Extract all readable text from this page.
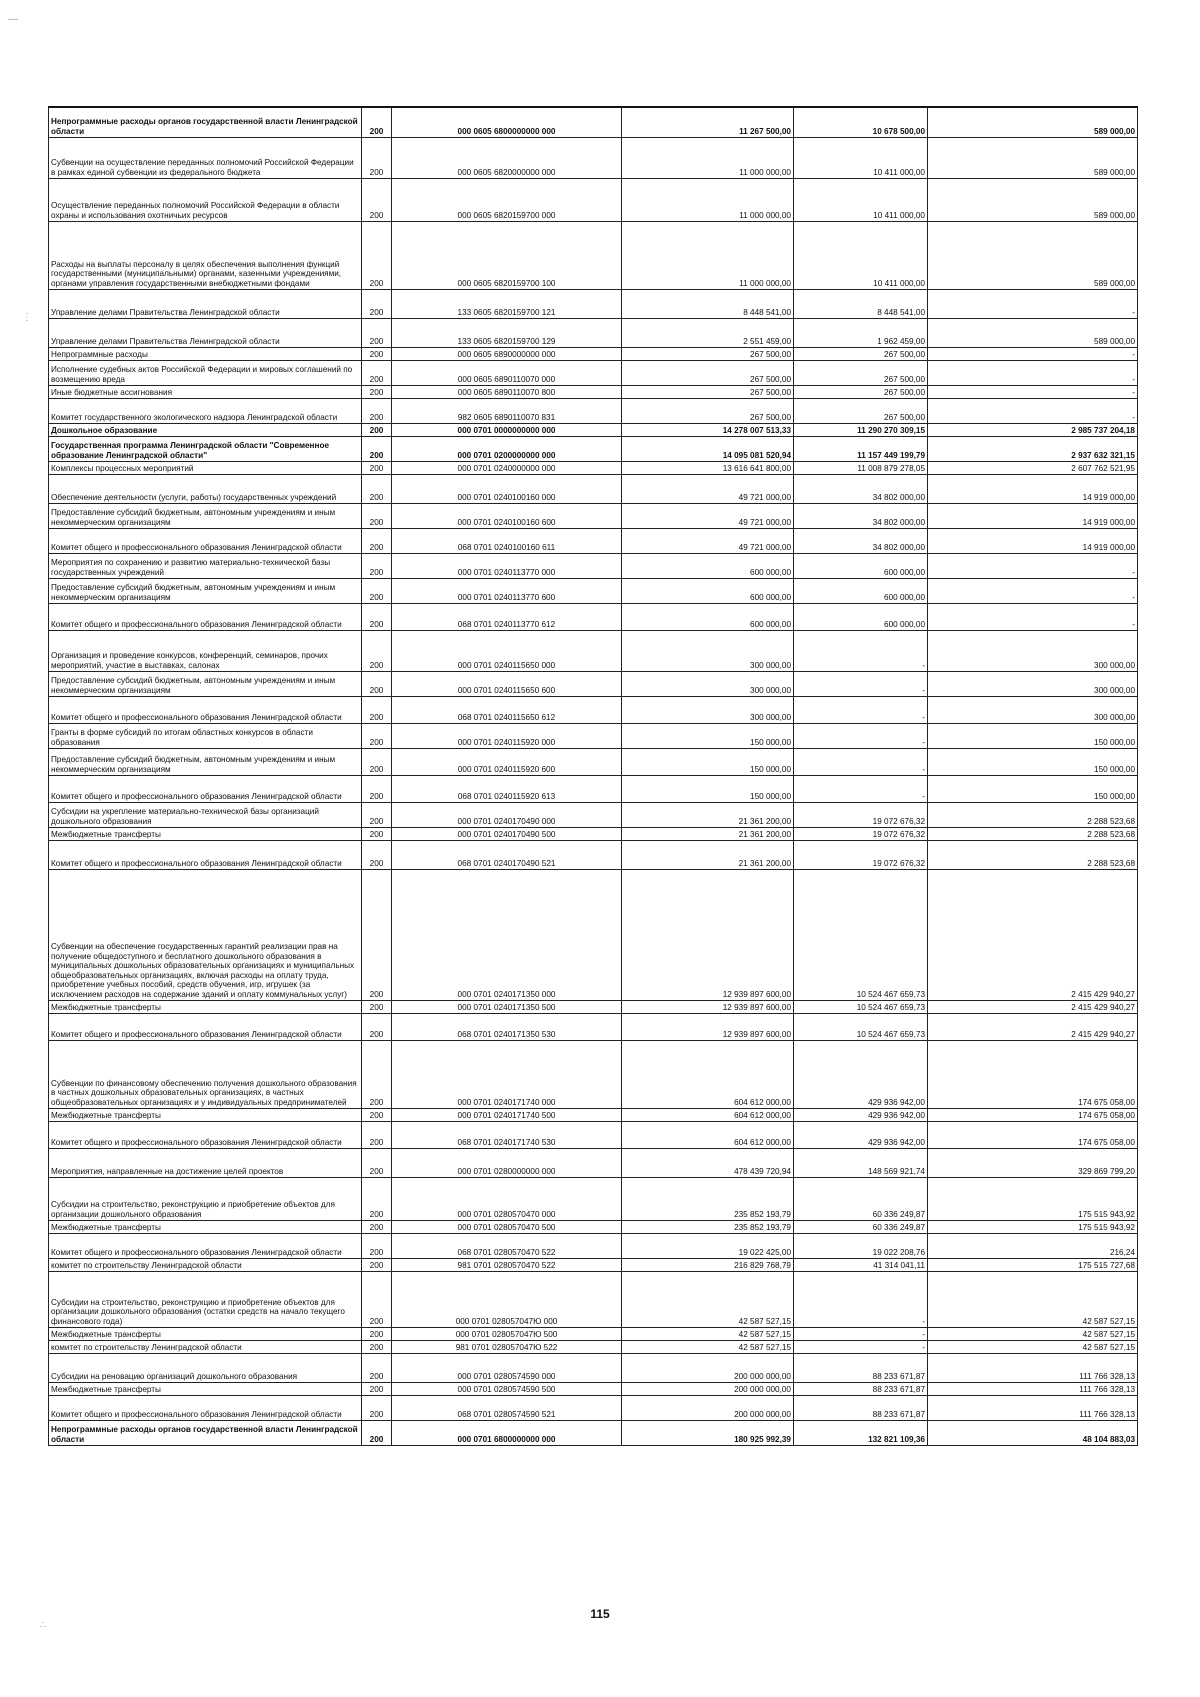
Непрограммные расходы органов государственной власти Ленинградской области	200	000 0605 6800000000 000	11 267 500,00	10 678 500,00	589 000,00
Субвенции на осуществление переданных полномочий Российской Федерации в рамках единой субвенции из федерального бюджета	200	000 0605 6820000000 000	11 000 000,00	10 411 000,00	589 000,00
Осуществление переданных полномочий Российской Федерации в области охраны и использования охотничьих ресурсов	200	000 0605 6820159700 000	11 000 000,00	10 411 000,00	589 000,00
Расходы на выплаты персоналу в целях обеспечения выполнения функций государственными (муниципальными) органами, казенными учреждениями, органами управления государственными внебюджетными фондами	200	000 0605 6820159700 100	11 000 000,00	10 411 000,00	589 000,00
Управление делами Правительства Ленинградской области	200	133 0605 6820159700 121	8 448 541,00	8 448 541,00	-
Управление делами Правительства Ленинградской области	200	133 0605 6820159700 129	2 551 459,00	1 962 459,00	589 000,00
Непрограммные расходы	200	000 0605 6890000000 000	267 500,00	267 500,00	-
Исполнение судебных актов Российской Федерации и мировых соглашений по возмещению вреда	200	000 0605 6890110070 000	267 500,00	267 500,00	-
Иные бюджетные ассигнования	200	000 0605 6890110070 800	267 500,00	267 500,00	-
Комитет государственного экологического надзора Ленинградской области	200	982 0605 6890110070 831	267 500,00	267 500,00	-
Дошкольное образование	200	000 0701 0000000000 000	14 278 007 513,33	11 290 270 309,15	2 985 737 204,18
Государственная программа Ленинградской области "Современное образование Ленинградской области"	200	000 0701 0200000000 000	14 095 081 520,94	11 157 449 199,79	2 937 632 321,15
Комплексы процессных мероприятий	200	000 0701 0240000000 000	13 616 641 800,00	11 008 879 278,05	2 607 762 521,95
Обеспечение деятельности (услуги, работы) государственных учреждений	200	000 0701 0240100160 000	49 721 000,00	34 802 000,00	14 919 000,00
Предоставление субсидий бюджетным, автономным учреждениям и иным некоммерческим организациям	200	000 0701 0240100160 600	49 721 000,00	34 802 000,00	14 919 000,00
Комитет общего и профессионального образования Ленинградской области	200	068 0701 0240100160 611	49 721 000,00	34 802 000,00	14 919 000,00
Мероприятия по сохранению и развитию материально-технической базы государственных учреждений	200	000 0701 0240113770 000	600 000,00	600 000,00	-
Предоставление субсидий бюджетным, автономным учреждениям и иным некоммерческим организациям	200	000 0701 0240113770 600	600 000,00	600 000,00	-
Комитет общего и профессионального образования Ленинградской области	200	068 0701 0240113770 612	600 000,00	600 000,00	-
Организация и проведение конкурсов, конференций, семинаров, прочих мероприятий, участие в выставках, салонах	200	000 0701 0240115650 000	300 000,00	-	300 000,00
Предоставление субсидий бюджетным, автономным учреждениям и иным некоммерческим организациям	200	000 0701 0240115650 600	300 000,00	-	300 000,00
Комитет общего и профессионального образования Ленинградской области	200	068 0701 0240115650 612	300 000,00	-	300 000,00
Гранты в форме субсидий по итогам областных конкурсов в области образования	200	000 0701 0240115920 000	150 000,00	-	150 000,00
Предоставление субсидий бюджетным, автономным учреждениям и иным некоммерческим организациям	200	000 0701 0240115920 600	150 000,00	-	150 000,00
Комитет общего и профессионального образования Ленинградской области	200	068 0701 0240115920 613	150 000,00	-	150 000,00
Субсидии на укрепление материально-технической базы организаций дошкольного образования	200	000 0701 0240170490 000	21 361 200,00	19 072 676,32	2 288 523,68
Межбюджетные трансферты	200	000 0701 0240170490 500	21 361 200,00	19 072 676,32	2 288 523,68
Комитет общего и профессионального образования Ленинградской области	200	068 0701 0240170490 521	21 361 200,00	19 072 676,32	2 288 523,68
Субвенции на обеспечение государственных гарантий реализации прав на получение общедоступного и бесплатного дошкольного образования в муниципальных дошкольных образовательных организациях и муниципальных общеобразовательных организациях, включая расходы на оплату труда, приобретение учебных пособий, средств обучения, игр, игрушек (за исключением расходов на содержание зданий и оплату коммунальных услуг)	200	000 0701 0240171350 000	12 939 897 600,00	10 524 467 659,73	2 415 429 940,27
Межбюджетные трансферты	200	000 0701 0240171350 500	12 939 897 600,00	10 524 467 659,73	2 415 429 940,27
Комитет общего и профессионального образования Ленинградской области	200	068 0701 0240171350 530	12 939 897 600,00	10 524 467 659,73	2 415 429 940,27
Субвенции по финансовому обеспечению получения дошкольного образования в частных дошкольных образовательных организациях, в частных общеобразовательных организациях и у индивидуальных предпринимателей	200	000 0701 0240171740 000	604 612 000,00	429 936 942,00	174 675 058,00
Межбюджетные трансферты	200	000 0701 0240171740 500	604 612 000,00	429 936 942,00	174 675 058,00
Комитет общего и профессионального образования Ленинградской области	200	068 0701 0240171740 530	604 612 000,00	429 936 942,00	174 675 058,00
Мероприятия, направленные на достижение целей проектов	200	000 0701 0280000000 000	478 439 720,94	148 569 921,74	329 869 799,20
Субсидии на строительство, реконструкцию и приобретение объектов для организации дошкольного образования	200	000 0701 0280570470 000	235 852 193,79	60 336 249,87	175 515 943,92
Межбюджетные трансферты	200	000 0701 0280570470 500	235 852 193,79	60 336 249,87	175 515 943,92
Комитет общего и профессионального образования Ленинградской области	200	068 0701 0280570470 522	19 022 425,00	19 022 208,76	216,24
комитет по строительству Ленинградской области	200	981 0701 0280570470 522	216 829 768,79	41 314 041,11	175 515 727,68
Субсидии на строительство, реконструкцию и приобретение объектов для организации дошкольного образования (остатки средств на начало текущего финансового года)	200	000 0701 028057047Ю 000	42 587 527,15	-	42 587 527,15
Межбюджетные трансферты	200	000 0701 028057047Ю 500	42 587 527,15	-	42 587 527,15
комитет по строительству Ленинградской области	200	981 0701 028057047Ю 522	42 587 527,15	-	42 587 527,15
Субсидии на реновацию организаций дошкольного образования	200	000 0701 0280574590 000	200 000 000,00	88 233 671,87	111 766 328,13
Межбюджетные трансферты	200	000 0701 0280574590 500	200 000 000,00	88 233 671,87	111 766 328,13
Комитет общего и профессионального образования Ленинградской области	200	068 0701 0280574590 521	200 000 000,00	88 233 671,87	111 766 328,13
Непрограммные расходы органов государственной власти Ленинградской области	200	000 0701 6800000000 000	180 925 992,39	132 821 109,36	48 104 883,03
115
—
⋮
∴
